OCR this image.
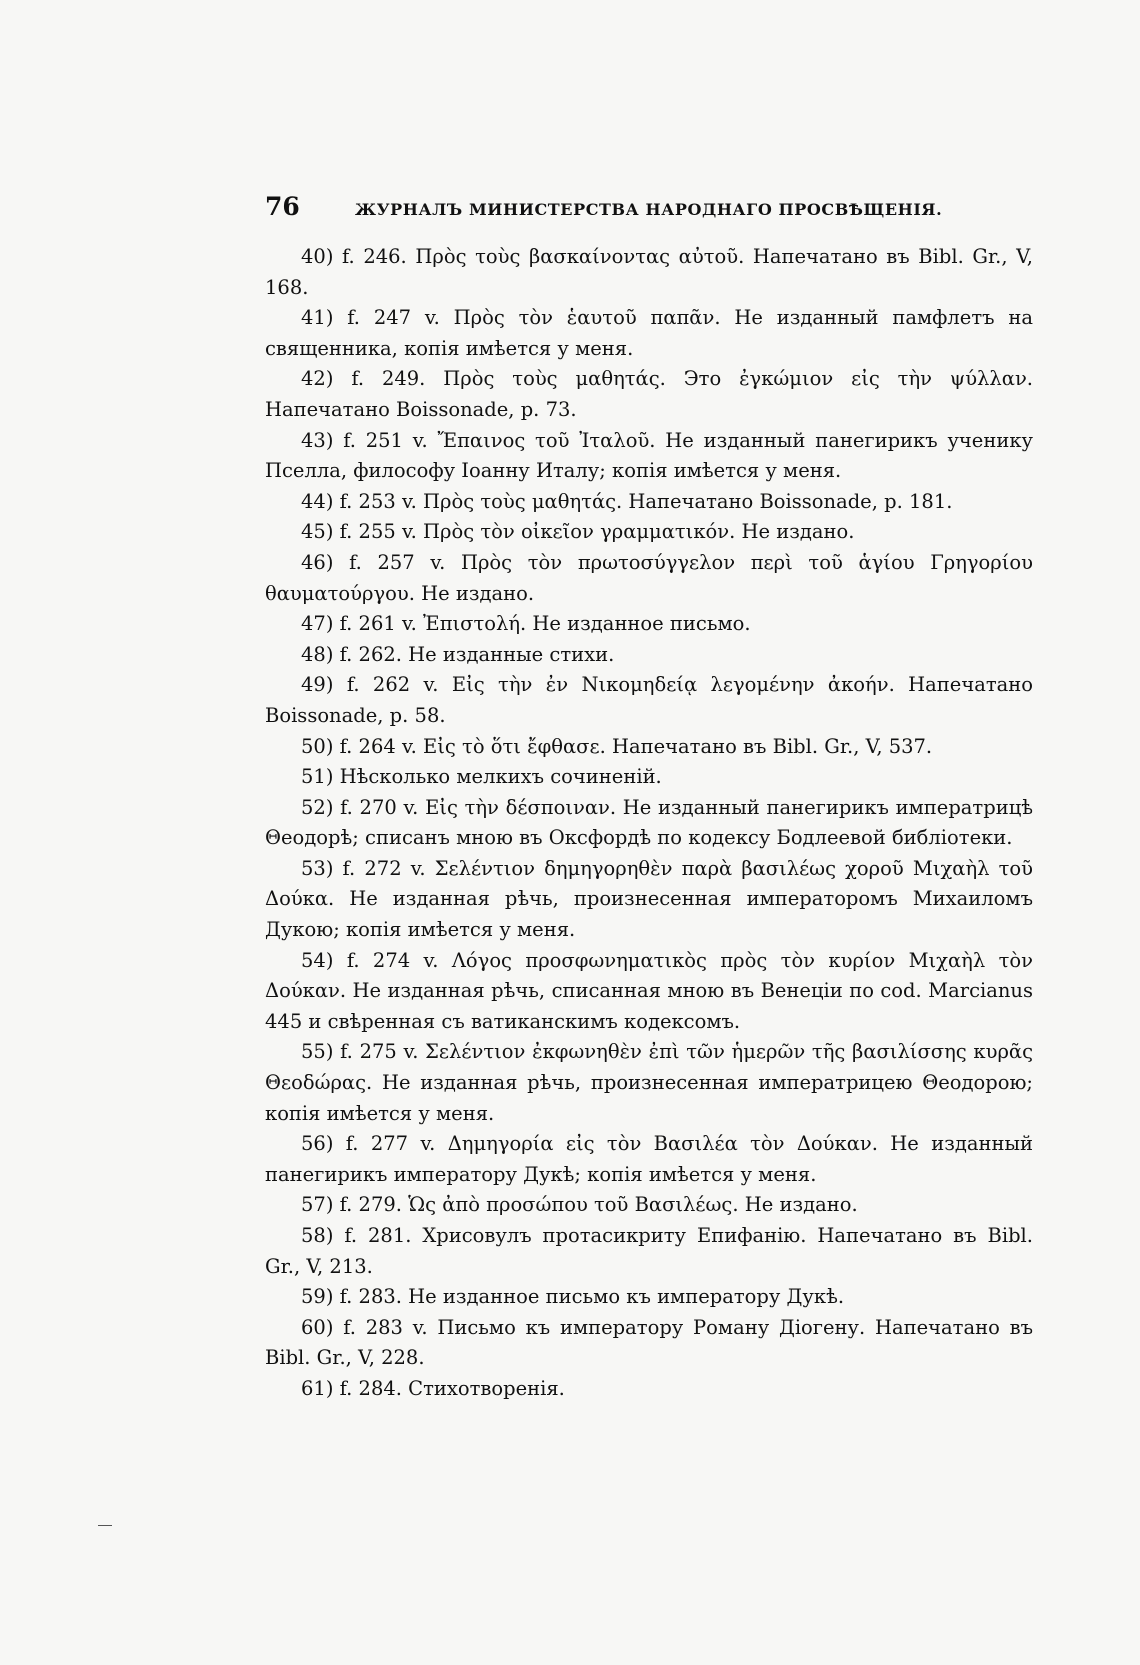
76	ЖУРНАЛЪ МИНИСТЕРСТВА НАРОДНАГО ПРОСВѢЩЕНІЯ.

40) f. 246. Πρὸς τοὺς βασκαίνοντας αὐτοῦ. Напечатано въ Bibl. Gr., V, 168.

41) f. 247 v. Πρὸς τὸν ἑαυτοῦ παπᾶν. Не изданный памфлетъ на священника, копія имѣется у меня.

42) f. 249. Πρὸς τοὺς μαθητάς. Это ἐγκώμιον εἰς τὴν ψύλλαν. Напечатано Boissonade, p. 73.

43) f. 251 v. Ἔπαινος τοῦ Ἰταλοῦ. Не изданный панегирикъ ученику Пселла, философу Іоанну Италу; копія имѣется у меня.

44) f. 253 v. Πρὸς τοὺς μαθητάς. Напечатано Boissonade, p. 181.

45) f. 255 v. Πρὸς τὸν οἰκεῖον γραμματικόν. Не издано.

46) f. 257 v. Πρὸς τὸν πρωτοσύγγελον περὶ τοῦ ἁγίου Γρηγορίου θαυματούργου. Не издано.

47) f. 261 v. Ἐπιστολή. Не изданное письмо.

48) f. 262. Не изданные стихи.

49) f. 262 v. Εἰς τὴν ἐν Νικομηδείᾳ λεγομένην ἀκοήν. Напечатано Boissonade, p. 58.

50) f. 264 v. Εἰς τὸ ὅτι ἔφθασε. Напечатано въ Bibl. Gr., V, 537.

51) Нѣсколько мелкихъ сочиненій.

52) f. 270 v. Εἰς τὴν δέσποιναν. Не изданный панегирикъ императрицѣ Θеодорѣ; списанъ мною въ Оксфордѣ по кодексу Бодлеевой библіотеки.

53) f. 272 v. Σελέντιον δημηγορηθὲν παρὰ βασιλέως χοροῦ Μιχαὴλ τοῦ Δούκα. Не изданная рѣчь, произнесенная императоромъ Михаиломъ Дукою; копія имѣется у меня.

54) f. 274 v. Λόγος προσφωνηματικὸς πρὸς τὸν κυρίον Μιχαὴλ τὸν Δούκαν. Не изданная рѣчь, списанная мною въ Венеціи по cod. Marcianus 445 и свѣренная съ ватиканскимъ кодексомъ.

55) f. 275 v. Σελέντιον ἐκφωνηθὲν ἐπὶ τῶν ἡμερῶν τῆς βασιλίσσης κυρᾶς Θεοδώρας. Не изданная рѣчь, произнесенная императрицею Θеодорою; копія имѣется у меня.

56) f. 277 v. Δημηγορία εἰς τὸν Βασιλέα τὸν Δούκαν. Не изданный панегирикъ императору Дукѣ; копія имѣется у меня.

57) f. 279. Ὡς ἀπὸ προσώπου τοῦ Βασιλέως. Не издано.

58) f. 281. Хрисовулъ протасикриту Епифанію. Напечатано въ Bibl. Gr., V, 213.

59) f. 283. Не изданное письмо къ императору Дукѣ.

60) f. 283 v. Письмо къ императору Роману Діогену. Напечатано въ Bibl. Gr., V, 228.

61) f. 284. Стихотворенія.
